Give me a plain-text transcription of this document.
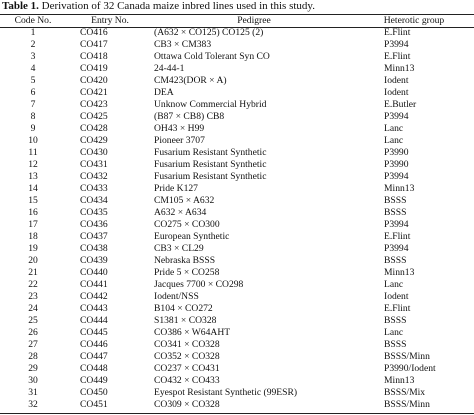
Table 1. Derivation of 32 Canada maize inbred lines used in this study.
Code No.	Entry No.	Pedigree	Heterotic group
1	CO416	(A632 × CO125) CO125 (2)	E.Flint
2	CO417	CB3 × CM383	P3994
3	CO418	Ottawa Cold Tolerant Syn CO	E.Flint
4	CO419	24-44-1	Minn13
5	CO420	CM423(DOR × A)	Iodent
6	CO421	DEA	Iodent
7	CO423	Unknow Commercial Hybrid	E.Butler
8	CO425	(B87 × CB8) CB8	P3994
9	CO428	OH43 × H99	Lanc
10	CO429	Pioneer 3707	Lanc
11	CO430	Fusarium Resistant Synthetic	P3990
12	CO431	Fusarium Resistant Synthetic	P3990
13	CO432	Fusarium Resistant Synthetic	P3994
14	CO433	Pride K127	Minn13
15	CO434	CM105 × A632	BSSS
16	CO435	A632 × A634	BSSS
17	CO436	CO275 × CO300	P3994
18	CO437	European Synthetic	E.Flint
19	CO438	CB3 × CL29	P3994
20	CO439	Nebraska BSSS	BSSS
21	CO440	Pride 5 × CO258	Minn13
22	CO441	Jacques 7700 × CO298	Lanc
23	CO442	Iodent/NSS	Iodent
24	CO443	B104 × CO272	E.Flint
25	CO444	S1381 × CO328	BSSS
26	CO445	CO386 × W64AHT	Lanc
27	CO446	CO341 × CO328	BSSS
28	CO447	CO352 × CO328	BSSS/Minn
29	CO448	CO237 × CO431	P3990/Iodent
30	CO449	CO432 × CO433	Minn13
31	CO450	Eyespot Resistant Synthetic (99ESR)	BSSS/Mix
32	CO451	CO309 × CO328	BSSS/Minn
